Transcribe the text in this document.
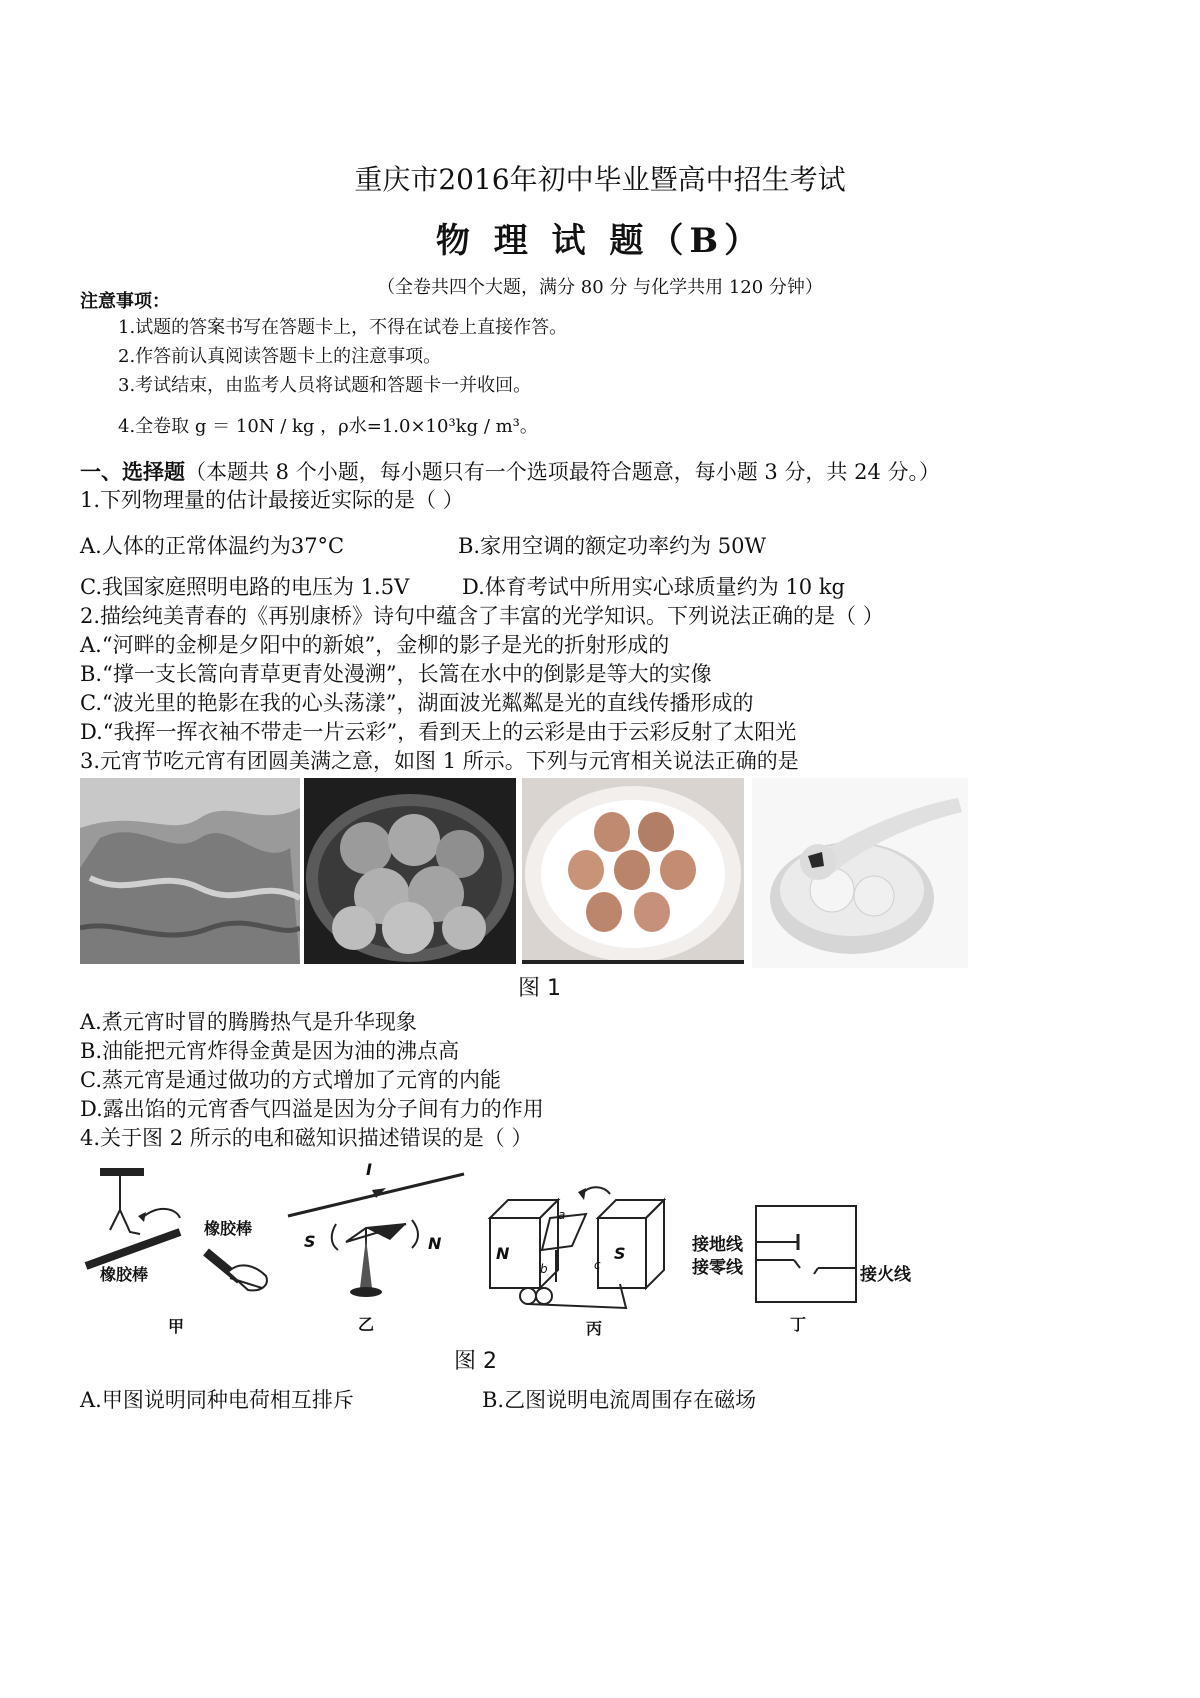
重庆市2016年初中毕业暨高中招生考试
物 理 试 题（B）
（全卷共四个大题，满分 80 分 与化学共用 120 分钟）
注意事项：
1.试题的答案书写在答题卡上，不得在试卷上直接作答。
2.作答前认真阅读答题卡上的注意事项。
3.考试结束，由监考人员将试题和答题卡一并收回。
4.全卷取 g ＝ 10N / kg ，ρ水=1.0×10³kg / m³。
一、选择题（本题共 8 个小题，每小题只有一个选项最符合题意，每小题 3 分，共 24 分。）
1.下列物理量的估计最接近实际的是（ ）
A.人体的正常体温约为37°C	B.家用空调的额定功率约为 50W
C.我国家庭照明电路的电压为 1.5V	D.体育考试中所用实心球质量约为 10 kg
2.描绘纯美青春的《再别康桥》诗句中蕴含了丰富的光学知识。下列说法正确的是（ ）
A.“河畔的金柳是夕阳中的新娘”，金柳的影子是光的折射形成的
B.“撑一支长篙向青草更青处漫溯”，长篙在水中的倒影是等大的实像
C.“波光里的艳影在我的心头荡漾”，湖面波光粼粼是光的直线传播形成的
D.“我挥一挥衣袖不带走一片云彩”，看到天上的云彩是由于云彩反射了太阳光
3.元宵节吃元宵有团圆美满之意，如图 1 所示。下列与元宵相关说法正确的是
图 1
A.煮元宵时冒的腾腾热气是升华现象
B.油能把元宵炸得金黄是因为油的沸点高
C.蒸元宵是通过做功的方式增加了元宵的内能
D.露出馅的元宵香气四溢是因为分子间有力的作用
4.关于图 2 所示的电和磁知识描述错误的是（ ）
橡胶棒
橡胶棒
甲
I
S	N
乙
N	S
a
b	c
丙
接地线
接零线	接火线
丁
图 2
A.甲图说明同种电荷相互排斥	B.乙图说明电流周围存在磁场
